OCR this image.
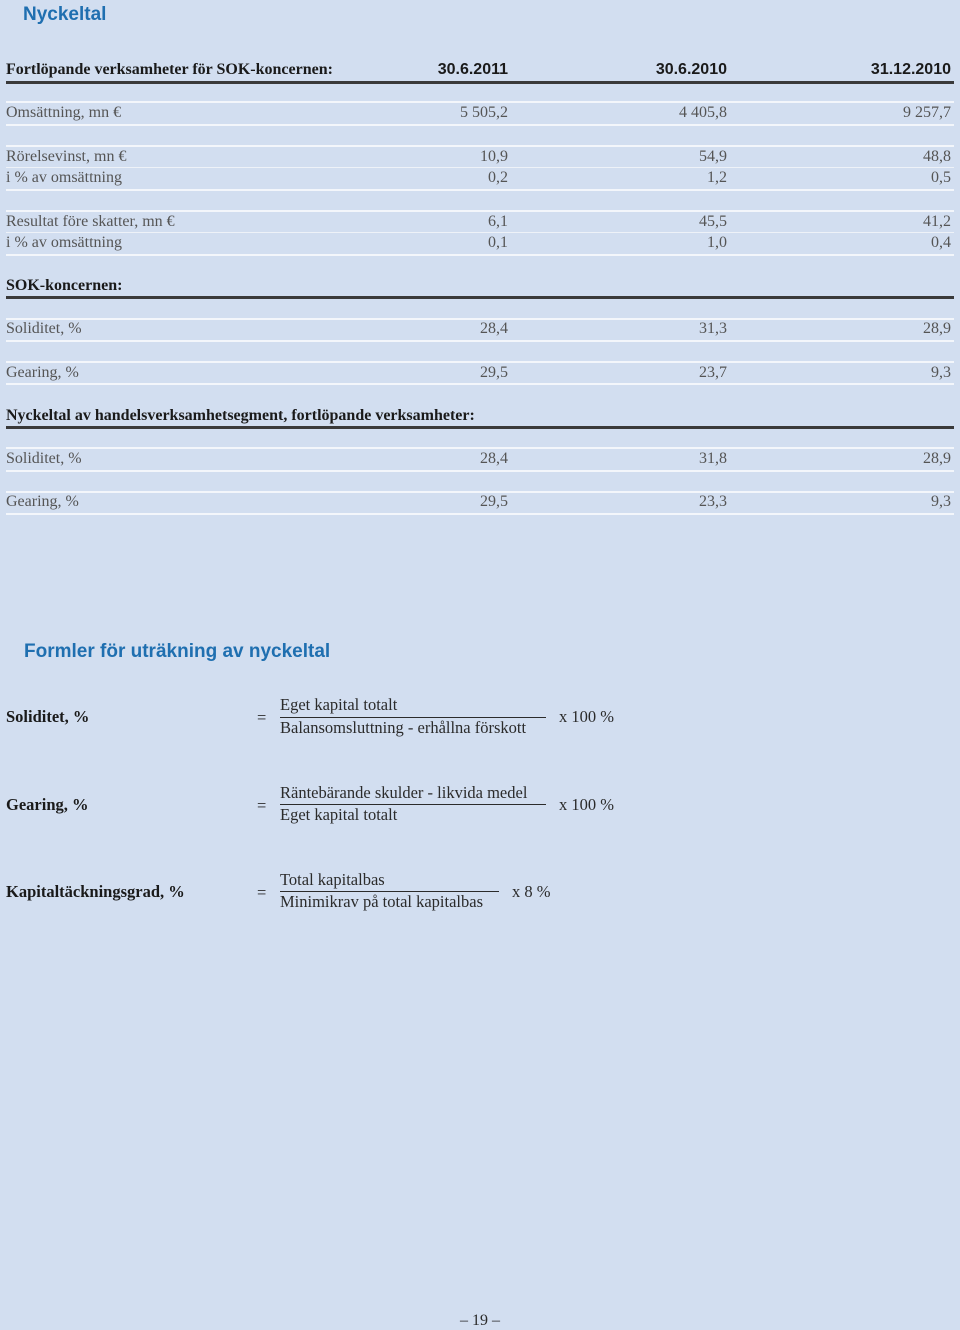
Nyckeltal
Fortlöpande verksamheter för SOK-koncernen:	30.6.2011	30.6.2010	31.12.2010
Omsättning, mn €	5 505,2	4 405,8	9 257,7
Rörelsevinst, mn €	10,9	54,9	48,8
i % av omsättning	0,2	1,2	0,5
Resultat före skatter, mn €	6,1	45,5	41,2
i % av omsättning	0,1	1,0	0,4
SOK-koncernen:
Soliditet, %	28,4	31,3	28,9
Gearing, %	29,5	23,7	9,3
Nyckeltal av handelsverksamhetsegment, fortlöpande verksamheter:
Soliditet, %	28,4	31,8	28,9
Gearing, %	29,5	23,3	9,3
Formler för uträkning av nyckeltal
Soliditet, %	=
Eget kapital totalt
Balansomsluttning - erhållna förskott
x 100 %
Gearing, %	=
Räntebärande skulder - likvida medel
Eget kapital totalt
x 100 %
Kapitaltäckningsgrad, %	=
Total kapitalbas
Minimikrav på total kapitalbas
x 8 %
– 19 –
